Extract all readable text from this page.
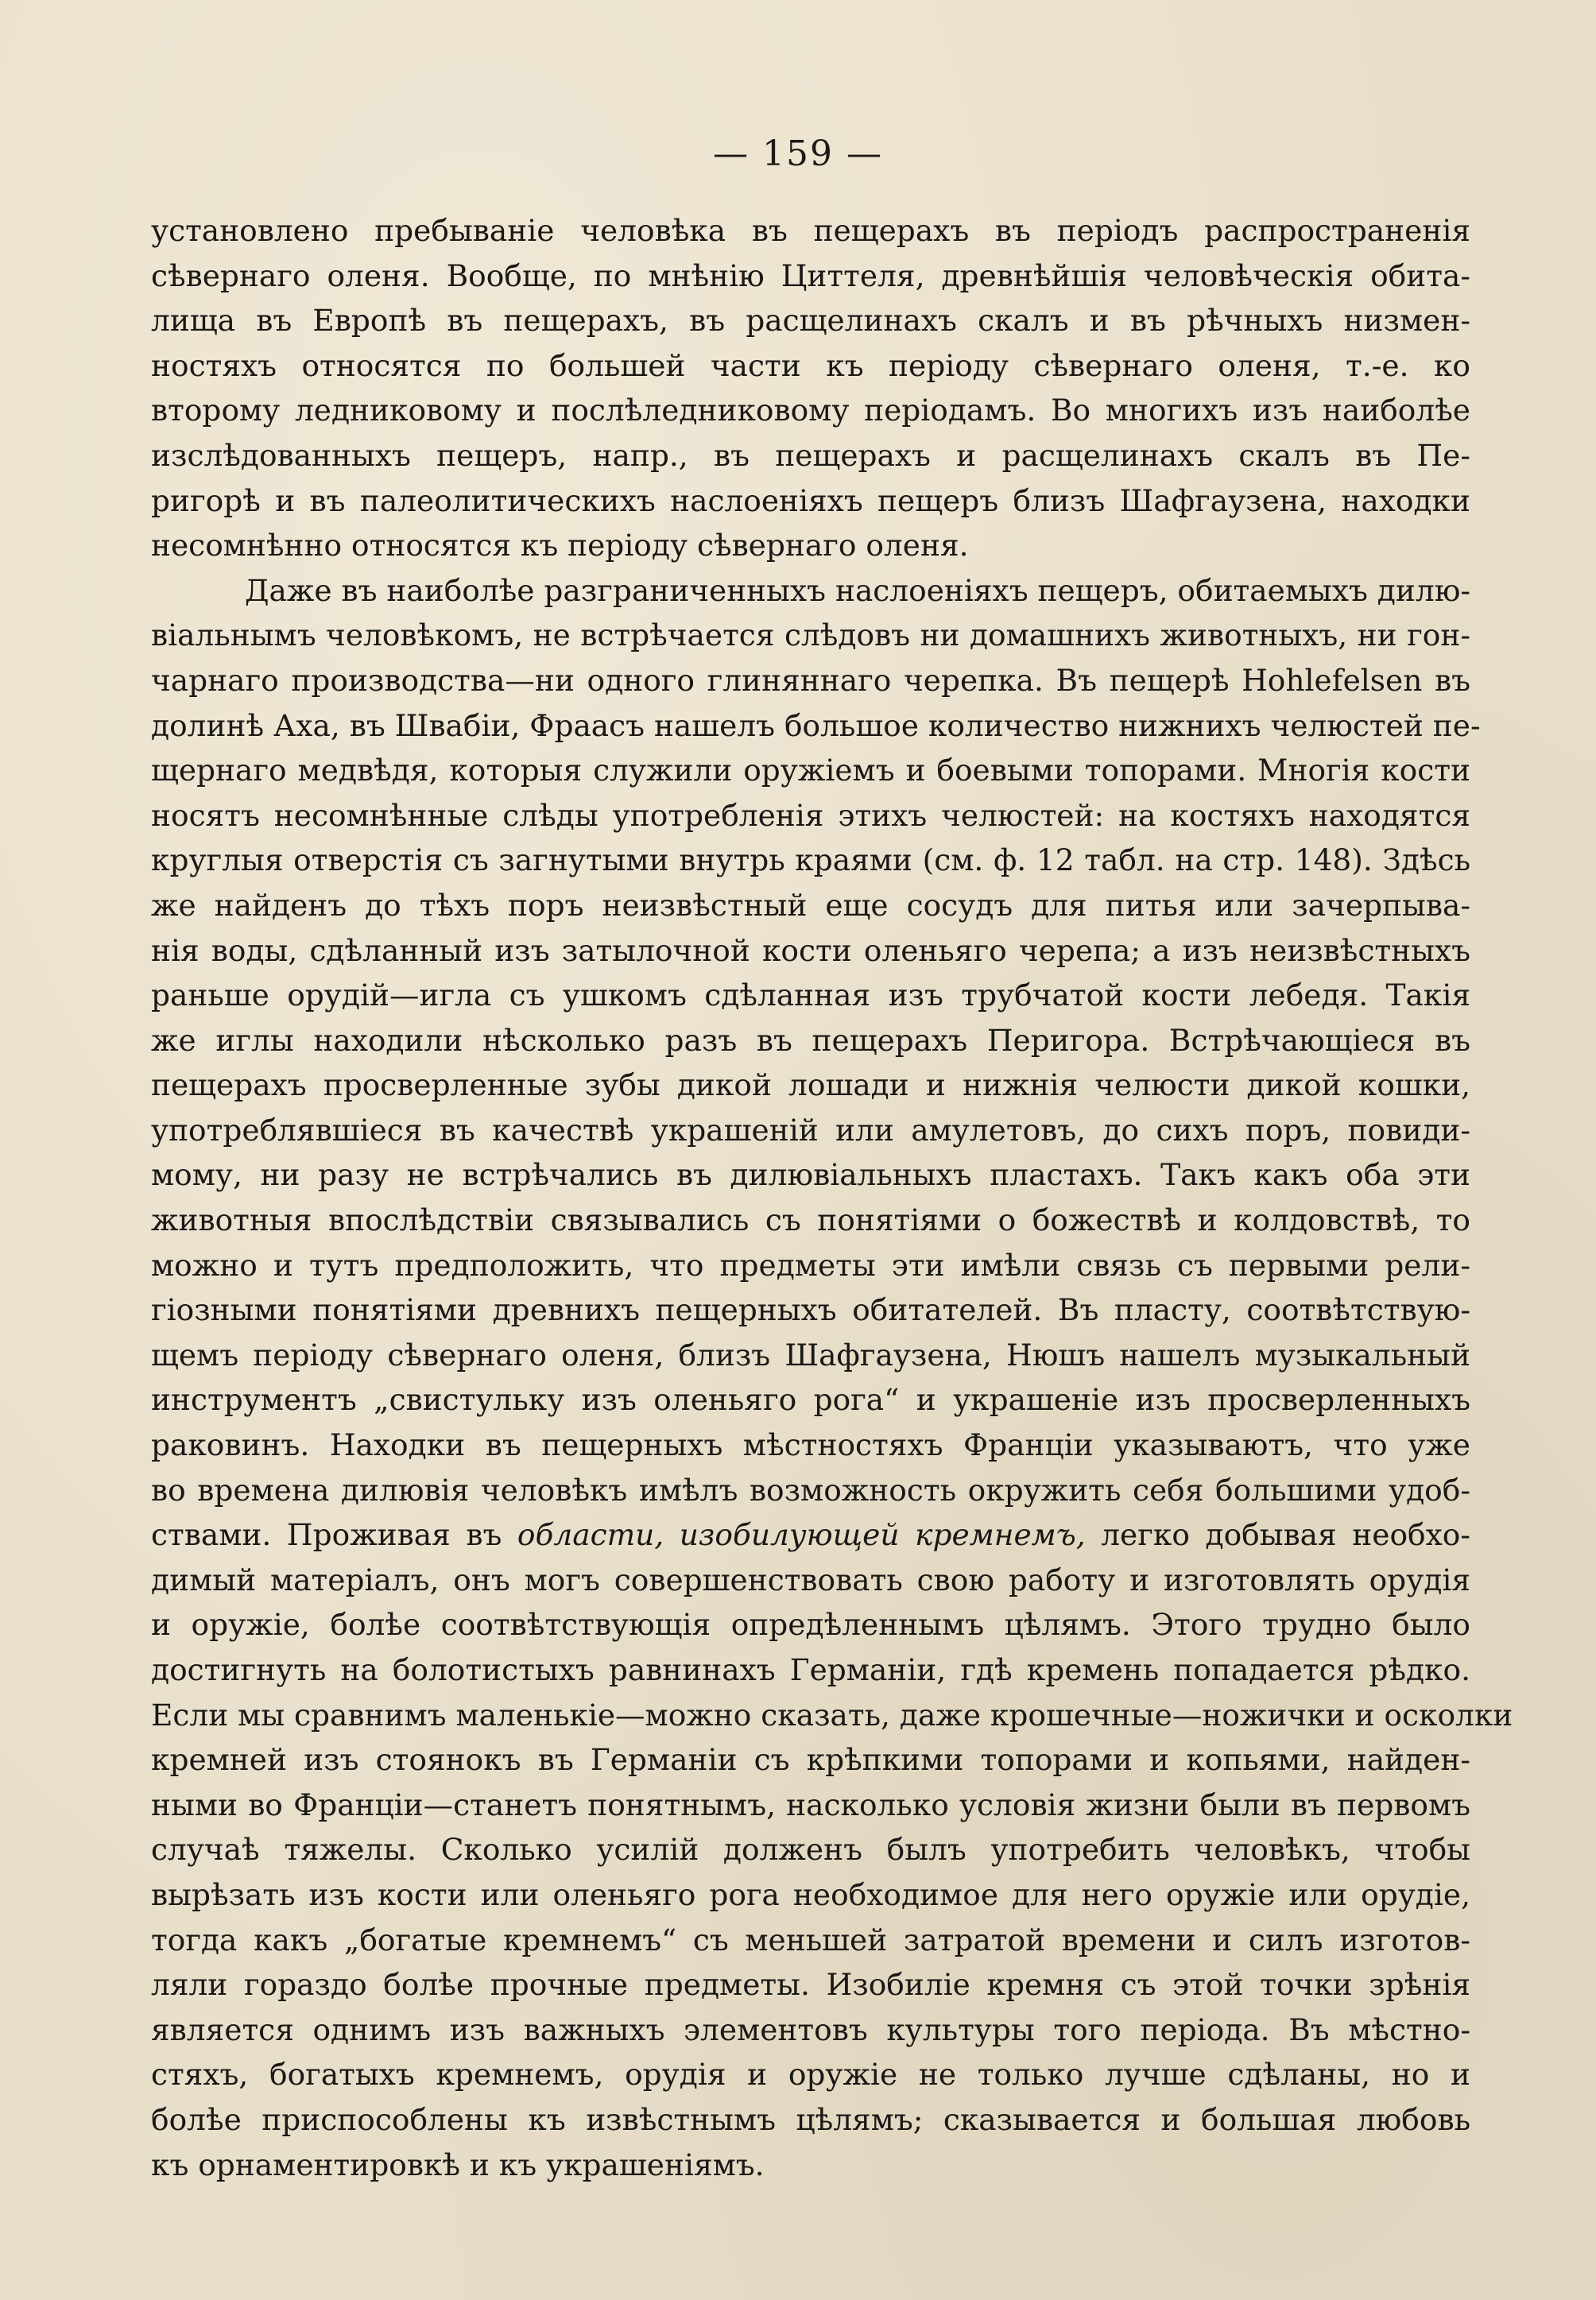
— 159 —
установлено пребываніе человѣка въ пещерахъ въ періодъ распространенія
сѣвернаго оленя. Вообще, по мнѣнію Циттеля, древнѣйшія человѣческія обита-
лища въ Европѣ въ пещерахъ, въ расщелинахъ скалъ и въ рѣчныхъ низмен-
ностяхъ относятся по большей части къ періоду сѣвернаго оленя, т.-е. ко
второму ледниковому и послѣледниковому періодамъ. Во многихъ изъ наиболѣе
изслѣдованныхъ пещеръ, напр., въ пещерахъ и расщелинахъ скалъ въ Пе-
ригорѣ и въ палеолитическихъ наслоеніяхъ пещеръ близъ Шафгаузена, находки
несомнѣнно относятся къ періоду сѣвернаго оленя.
Даже въ наиболѣе разграниченныхъ наслоеніяхъ пещеръ, обитаемыхъ дилю-
віальнымъ человѣкомъ, не встрѣчается слѣдовъ ни домашнихъ животныхъ, ни гон-
чарнаго производства—ни одного глиняннаго черепка. Въ пещерѣ Hohlefelsen въ
долинѣ Аха, въ Швабіи, Фраасъ нашелъ большое количество нижнихъ челюстей пе-
щернаго медвѣдя, которыя служили оружіемъ и боевыми топорами. Многія кости
носятъ несомнѣнные слѣды употребленія этихъ челюстей: на костяхъ находятся
круглыя отверстія съ загнутыми внутрь краями (см. ф. 12 табл. на стр. 148). Здѣсь
же найденъ до тѣхъ поръ неизвѣстный еще сосудъ для питья или зачерпыва-
нія воды, сдѣланный изъ затылочной кости оленьяго черепа; а изъ неизвѣстныхъ
раньше орудій—игла съ ушкомъ сдѣланная изъ трубчатой кости лебедя. Такія
же иглы находили нѣсколько разъ въ пещерахъ Перигора. Встрѣчающіеся въ
пещерахъ просверленные зубы дикой лошади и нижнія челюсти дикой кошки,
употреблявшіеся въ качествѣ украшеній или амулетовъ, до сихъ поръ, повиди-
мому, ни разу не встрѣчались въ дилювіальныхъ пластахъ. Такъ какъ оба эти
животныя впослѣдствіи связывались съ понятіями о божествѣ и колдовствѣ, то
можно и тутъ предположить, что предметы эти имѣли связь съ первыми рели-
гіозными понятіями древнихъ пещерныхъ обитателей. Въ пласту, соотвѣтствую-
щемъ періоду сѣвернаго оленя, близъ Шафгаузена, Нюшъ нашелъ музыкальный
инструментъ „свистульку изъ оленьяго рога“ и украшеніе изъ просверленныхъ
раковинъ. Находки въ пещерныхъ мѣстностяхъ Франціи указываютъ, что уже
во времена дилювія человѣкъ имѣлъ возможность окружить себя большими удоб-
ствами. Проживая въ области, изобилующей кремнемъ, легко добывая необхо-
димый матеріалъ, онъ могъ совершенствовать свою работу и изготовлять орудія
и оружіе, болѣе соотвѣтствующія опредѣленнымъ цѣлямъ. Этого трудно было
достигнуть на болотистыхъ равнинахъ Германіи, гдѣ кремень попадается рѣдко.
Если мы сравнимъ маленькіе—можно сказать, даже крошечные—ножички и осколки
кремней изъ стоянокъ въ Германіи съ крѣпкими топорами и копьями, найден-
ными во Франціи—станетъ понятнымъ, насколько условія жизни были въ первомъ
случаѣ тяжелы. Сколько усилій долженъ былъ употребить человѣкъ, чтобы
вырѣзать изъ кости или оленьяго рога необходимое для него оружіе или орудіе,
тогда какъ „богатые кремнемъ“ съ меньшей затратой времени и силъ изготов-
ляли гораздо болѣе прочные предметы. Изобиліе кремня съ этой точки зрѣнія
является однимъ изъ важныхъ элементовъ культуры того періода. Въ мѣстно-
стяхъ, богатыхъ кремнемъ, орудія и оружіе не только лучше сдѣланы, но и
болѣе приспособлены къ извѣстнымъ цѣлямъ; сказывается и большая любовь
къ орнаментировкѣ и къ украшеніямъ.
